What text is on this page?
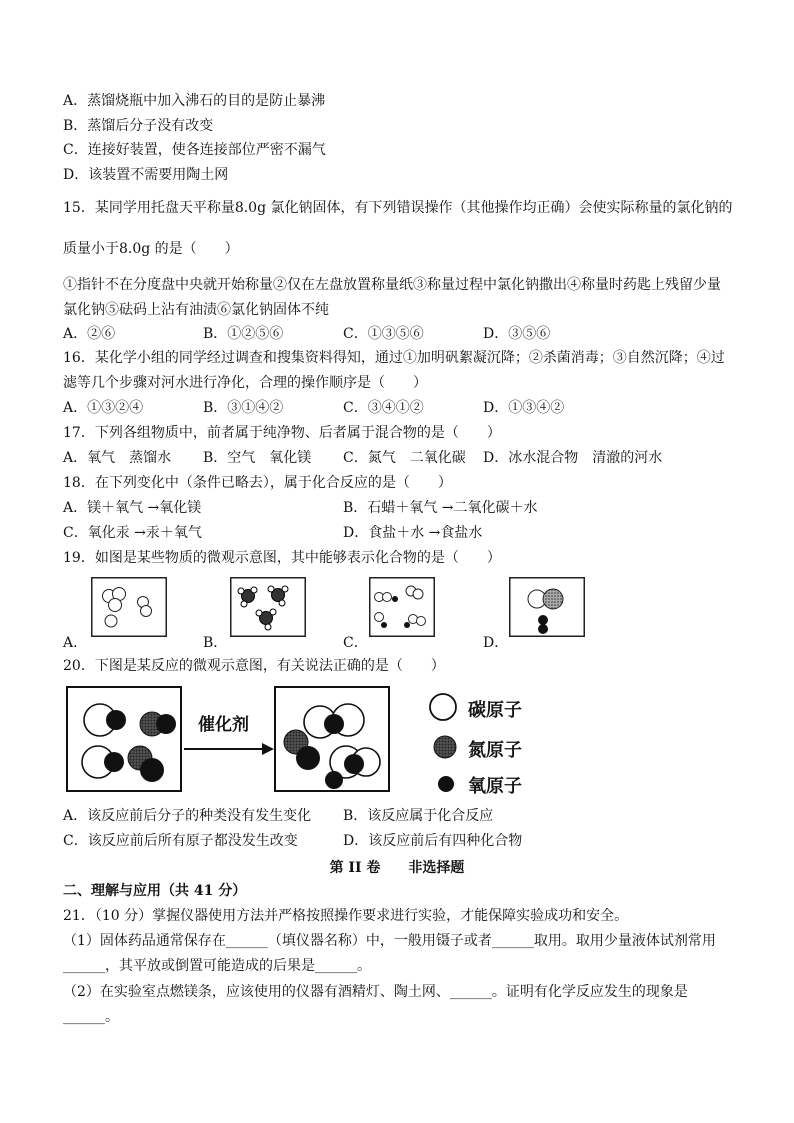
A．蒸馏烧瓶中加入沸石的目的是防止暴沸
B．蒸馏后分子没有改变
C．连接好装置，使各连接部位严密不漏气
D．该装置不需要用陶土网
15．某同学用托盘天平称量8.0g 氯化钠固体，有下列错误操作（其他操作均正确）会使实际称量的氯化钠的
质量小于8.0g 的是（　　）
①指针不在分度盘中央就开始称量②仅在左盘放置称量纸③称量过程中氯化钠撒出④称量时药匙上残留少量
氯化钠⑤砝码上沾有油渍⑥氯化钠固体不纯
A．②⑥	B．①②⑤⑥	C．①③⑤⑥	D．③⑤⑥
16．某化学小组的同学经过调查和搜集资料得知，通过①加明矾絮凝沉降；②杀菌消毒；③自然沉降；④过
滤等几个步骤对河水进行净化，合理的操作顺序是（　　）
A．①③②④	B．③①④②	C．③④①②	D．①③④②
17．下列各组物质中，前者属于纯净物、后者属于混合物的是（　　）
A．氧气　蒸馏水 B．空气　氧化镁 C．氮气　二氧化碳 D．冰水混合物　清澈的河水
18．在下列变化中（条件已略去），属于化合反应的是（　　）
A．镁＋氧气 →氧化镁	B．石蜡＋氧气 →二氧化碳＋水
C．氧化汞 →汞＋氧气	D．食盐＋水 →食盐水
19．如图是某些物质的微观示意图，其中能够表示化合物的是（　　）
A．	B．	C．	D．
20．下图是某反应的微观示意图，有关说法正确的是（　　）
催化剂
碳原子
氮原子
氧原子
A．该反应前后分子的种类没有发生变化 B．该反应属于化合反应
C．该反应前后所有原子都没发生改变	D．该反应前后有四种化合物
第 II 卷　　非选择题
二、理解与应用（共 41 分）
21．（10 分）掌握仪器使用方法并严格按照操作要求进行实验，才能保障实验成功和安全。
（1）固体药品通常保存在______（填仪器名称）中，一般用镊子或者______取用。取用少量液体试剂常用
______，其平放或倒置可能造成的后果是______。
（2）在实验室点燃镁条，应该使用的仪器有酒精灯、陶土网、______。证明有化学反应发生的现象是
______。
